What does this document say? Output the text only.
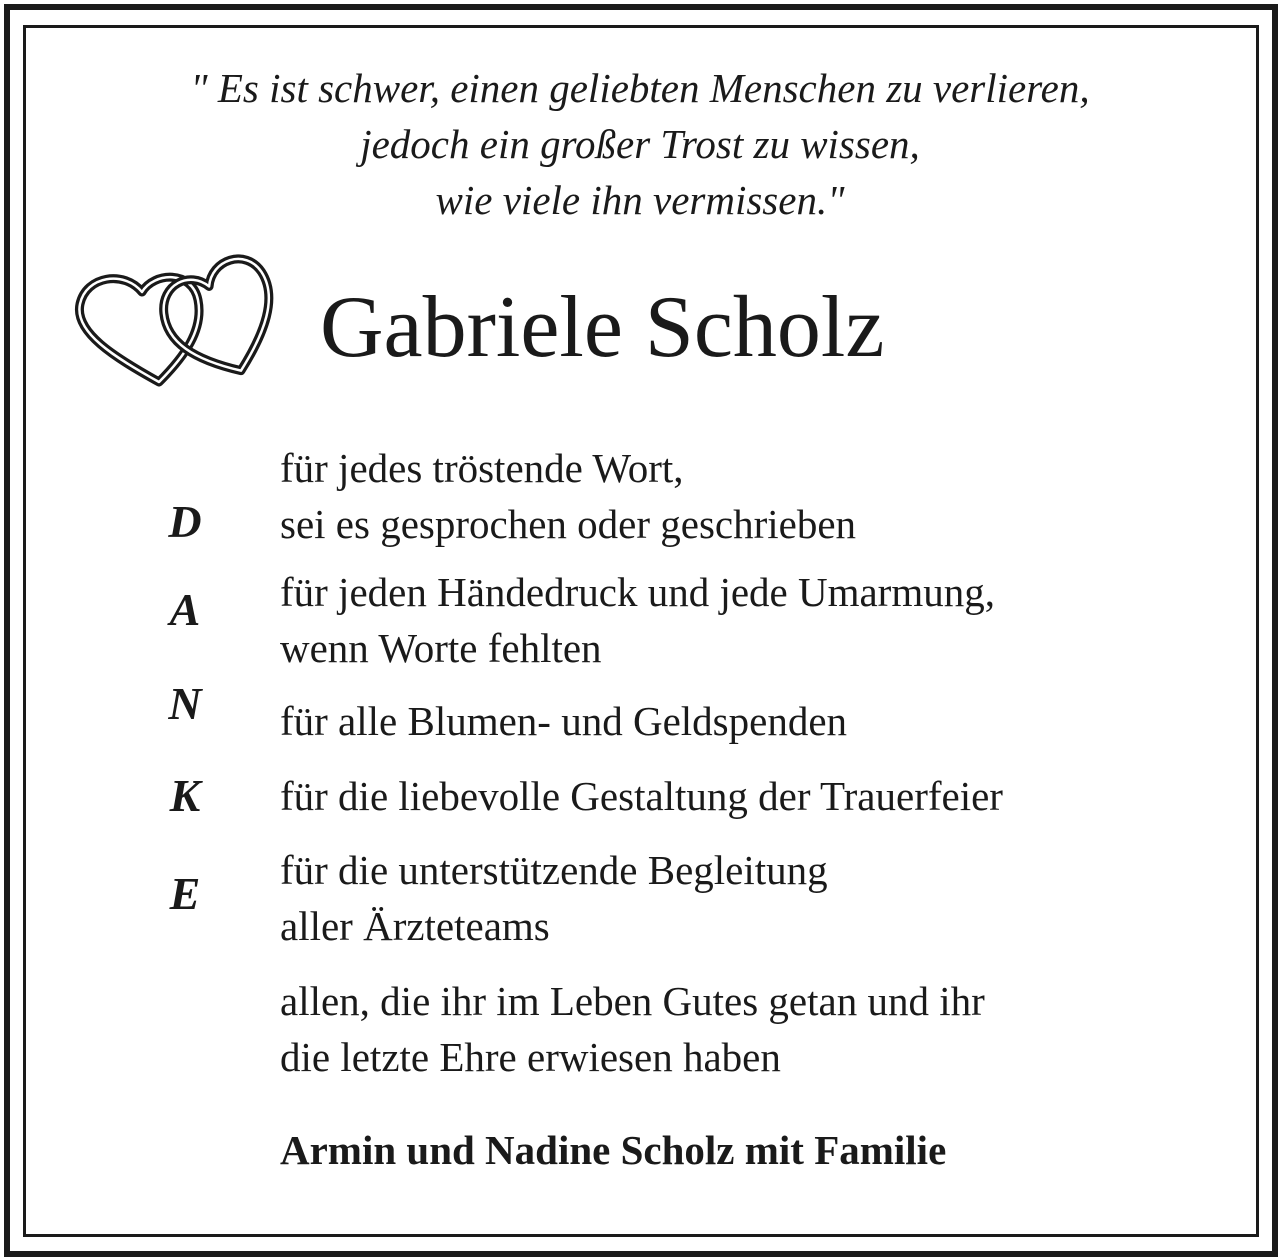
" Es ist schwer, einen geliebten Menschen zu verlieren,
jedoch ein großer Trost zu wissen,
wie viele ihn vermissen."
Gabriele Scholz
D
A
N
K
E
für jedes tröstende Wort,
sei es gesprochen oder geschrieben
für jeden Händedruck und jede Umarmung,
wenn Worte fehlten
für alle Blumen- und Geldspenden
für die liebevolle Gestaltung der Trauerfeier
für die unterstützende Begleitung
aller Ärzteteams
allen, die ihr im Leben Gutes getan und ihr
die letzte Ehre erwiesen haben
Armin und Nadine Scholz mit Familie
